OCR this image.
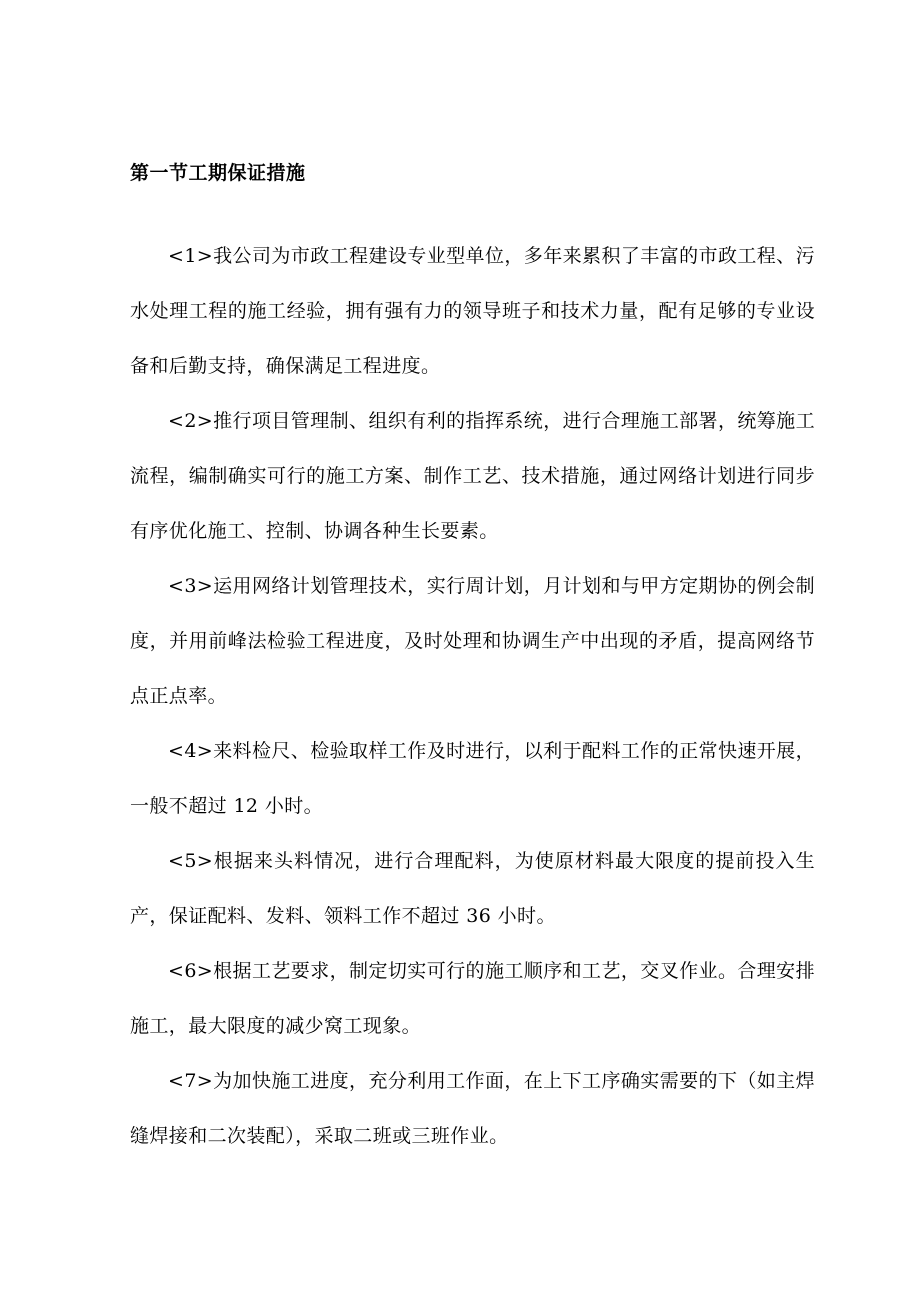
第一节工期保证措施

<1>我公司为市政工程建设专业型单位，多年来累积了丰富的市政工程、污水处理工程的施工经验，拥有强有力的领导班子和技术力量，配有足够的专业设备和后勤支持，确保满足工程进度。

<2>推行项目管理制、组织有利的指挥系统，进行合理施工部署，统筹施工流程，编制确实可行的施工方案、制作工艺、技术措施，通过网络计划进行同步有序优化施工、控制、协调各种生长要素。

<3>运用网络计划管理技术，实行周计划，月计划和与甲方定期协的例会制度，并用前峰法检验工程进度，及时处理和协调生产中出现的矛盾，提高网络节点正点率。

<4>来料检尺、检验取样工作及时进行，以利于配料工作的正常快速开展，一般不超过 12 小时。

<5>根据来头料情况，进行合理配料，为使原材料最大限度的提前投入生产，保证配料、发料、领料工作不超过 36 小时。

<6>根据工艺要求，制定切实可行的施工顺序和工艺，交叉作业。合理安排施工，最大限度的减少窝工现象。

<7>为加快施工进度，充分利用工作面，在上下工序确实需要的下（如主焊缝焊接和二次装配），采取二班或三班作业。
